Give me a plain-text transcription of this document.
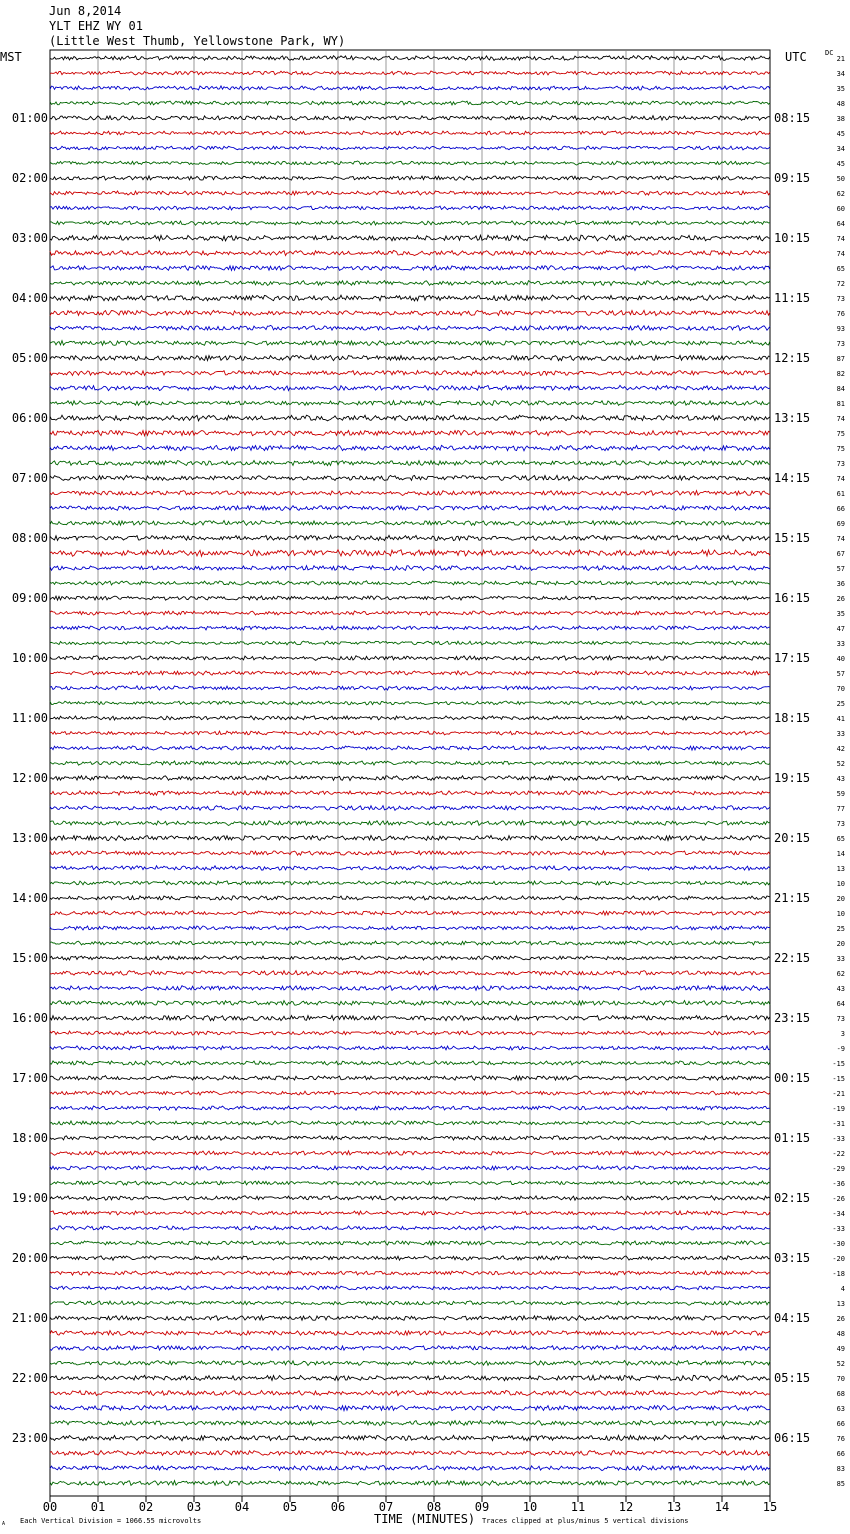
Jun 8,2014
YLT EHZ WY 01
(Little West Thumb, Yellowstone Park, WY)
MST	UTC	DC
00	01	02	03	04	05	06	07	08	09	10	11	12	13	14	15
01:00
02:00
03:00
04:00
05:00
06:00
07:00
08:00
09:00
10:00
11:00
12:00
13:00
14:00
15:00
16:00
17:00
18:00
19:00
20:00
21:00
22:00
23:00
08:15
09:15
10:15
11:15
12:15
13:15
14:15
15:15
16:15
17:15
18:15
19:15
20:15
21:15
22:15
23:15
00:15
01:15
02:15
03:15
04:15
05:15
06:15
21
34
35
48
38
45
34
45
50
62
60
64
74
74
65
72
73
76
93
73
87
82
84
81
74
75
75
73
74
61
66
69
74
67
57
36
26
35
47
33
40
57
70
25
41
33
42
52
43
59
77
73
65
14
13
10
20
10
25
20
33
62
43
64
73
3
-9
-15
-15
-21
-19
-31
-33
-22
-29
-36
-26
-34
-33
-30
-20
-18
4
13
26
48
49
52
70
68
63
66
76
66
83
85
A Each Vertical Division = 1066.55 microvolts	TIME (MINUTES) Traces clipped at plus/minus 5 vertical divisions
